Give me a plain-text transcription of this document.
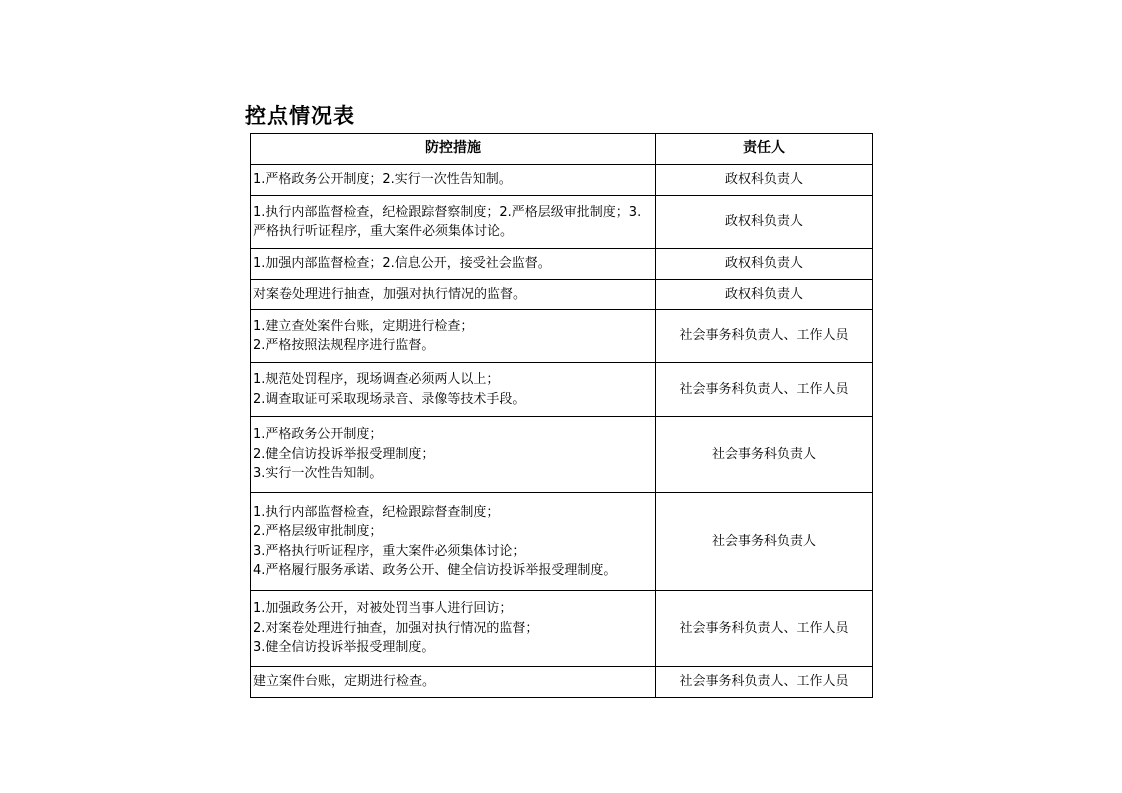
控点情况表
防控措施	责任人
1.严格政务公开制度；2.实行一次性告知制。	政权科负责人
1.执行内部监督检查，纪检跟踪督察制度；2.严格层级审批制度；3.
严格执行听证程序，重大案件必须集体讨论。	政权科负责人
1.加强内部监督检查；2.信息公开，接受社会监督。	政权科负责人
对案卷处理进行抽查，加强对执行情况的监督。	政权科负责人
1.建立查处案件台账，定期进行检查；
2.严格按照法规程序进行监督。	社会事务科负责人、工作人员
1.规范处罚程序，现场调查必须两人以上；
2.调查取证可采取现场录音、录像等技术手段。	社会事务科负责人、工作人员
1.严格政务公开制度；
2.健全信访投诉举报受理制度；
3.实行一次性告知制。	社会事务科负责人
1.执行内部监督检查，纪检跟踪督查制度；
2.严格层级审批制度；
3.严格执行听证程序，重大案件必须集体讨论；
4.严格履行服务承诺、政务公开、健全信访投诉举报受理制度。	社会事务科负责人
1.加强政务公开，对被处罚当事人进行回访；
2.对案卷处理进行抽查，加强对执行情况的监督；
3.健全信访投诉举报受理制度。	社会事务科负责人、工作人员
建立案件台账，定期进行检查。	社会事务科负责人、工作人员
